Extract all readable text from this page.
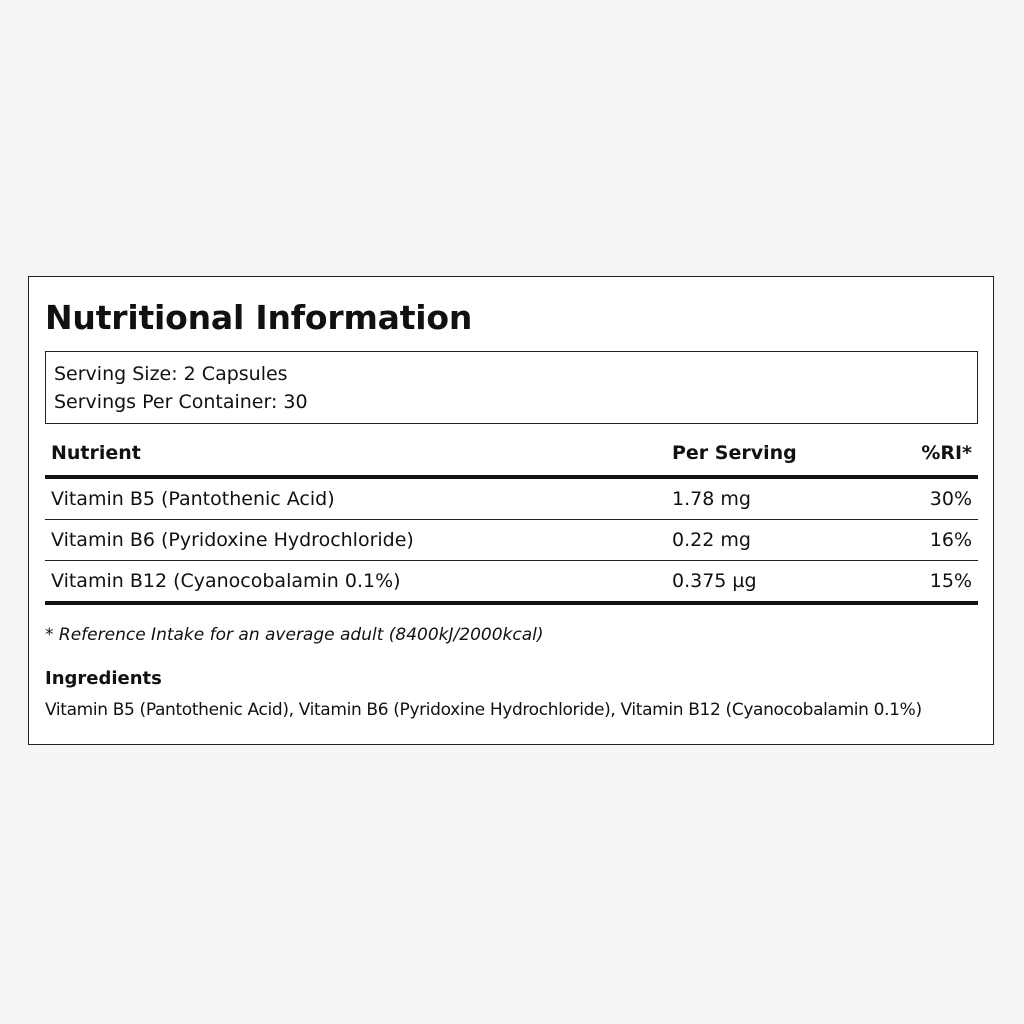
Nutritional Information
Serving Size: 2 Capsules
Servings Per Container: 30
Nutrient	Per Serving	%RI*
Vitamin B5 (Pantothenic Acid)	1.78 mg	30%
Vitamin B6 (Pyridoxine Hydrochloride)	0.22 mg	16%
Vitamin B12 (Cyanocobalamin 0.1%)	0.375 µg	15%
* Reference Intake for an average adult (8400kJ/2000kcal)
Ingredients
Vitamin B5 (Pantothenic Acid), Vitamin B6 (Pyridoxine Hydrochloride), Vitamin B12 (Cyanocobalamin 0.1%)
